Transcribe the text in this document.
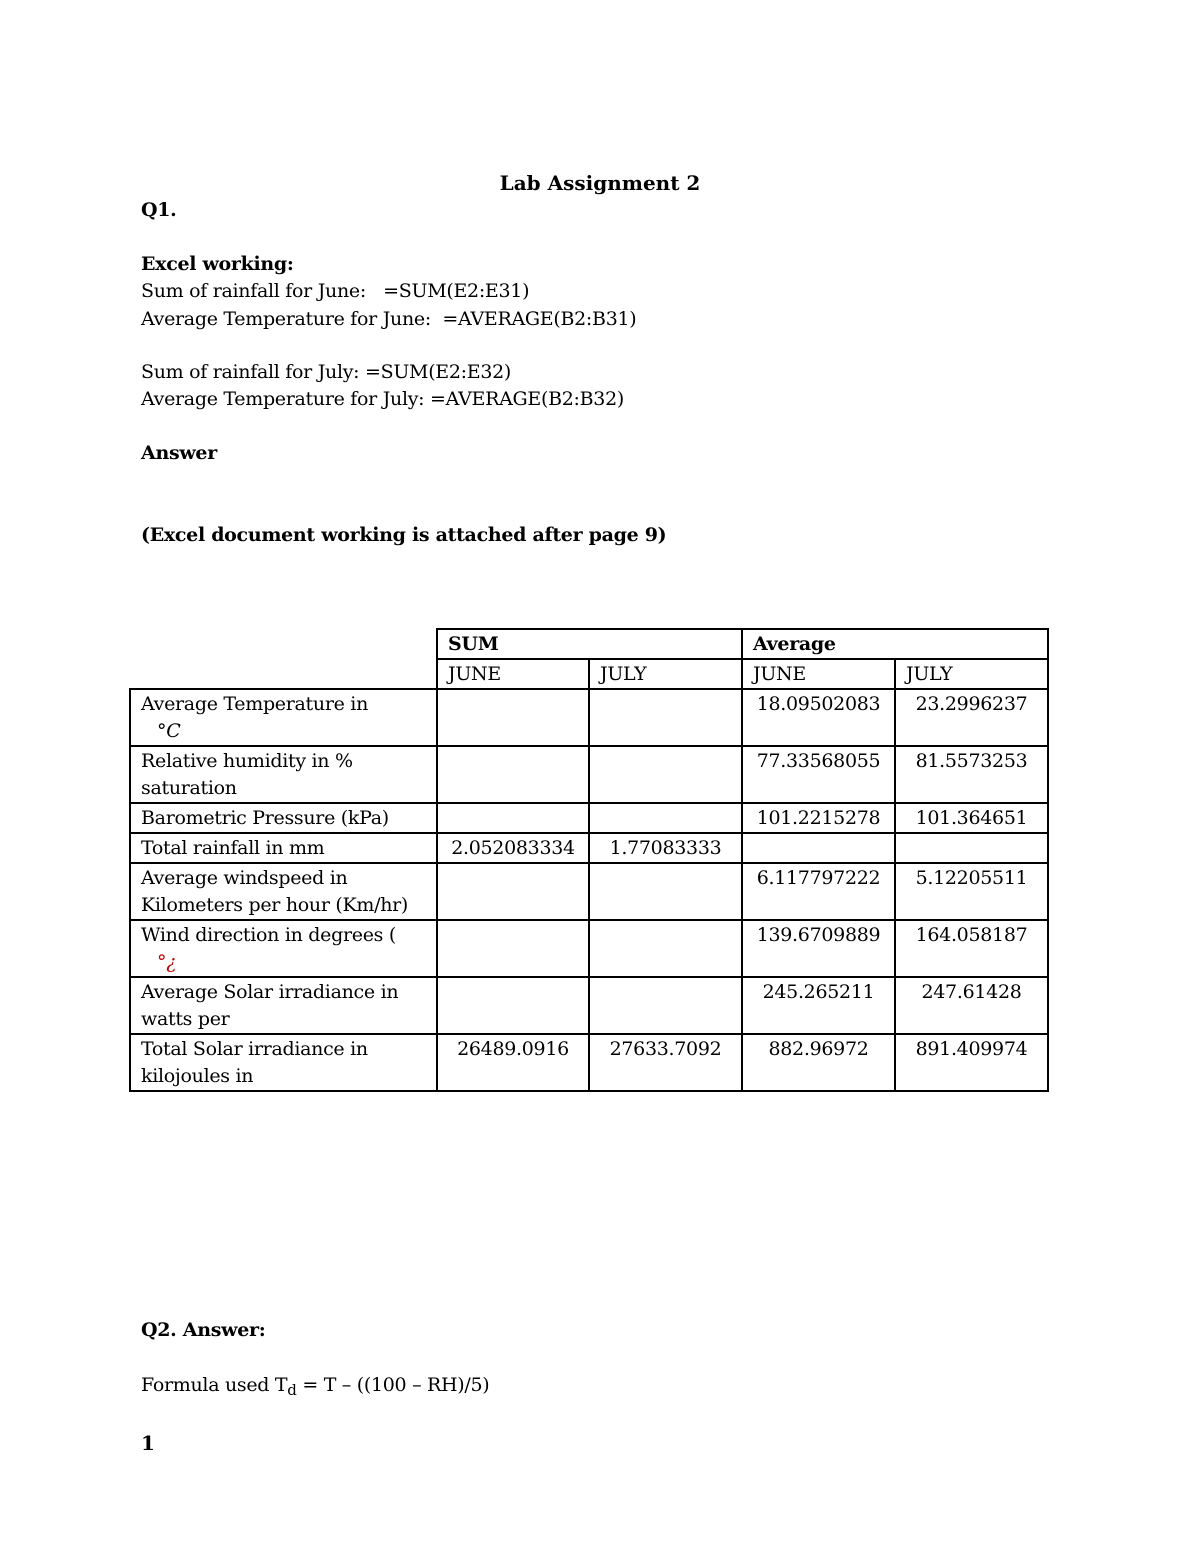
Lab Assignment 2
Q1.
Excel working:
Sum of rainfall for June:   =SUM(E2:E31)
Average Temperature for June:  =AVERAGE(B2:B31)
Sum of rainfall for July: =SUM(E2:E32)
Average Temperature for July: =AVERAGE(B2:B32)
Answer
(Excel document working is attached after page 9)
	SUM		Average	
	JUNE	JULY	JUNE	JULY

Average Temperature in
°C			18.09502083	23.2996237

Relative humidity in %
saturation			77.33568055	81.5573253

Barometric Pressure (kPa)			101.2215278	101.364651

Total rainfall in mm	2.052083334	1.77083333		

Average windspeed in
Kilometers per hour (Km/hr)			6.117797222	5.12205511

Wind direction in degrees (
°¿			139.6709889	164.058187

Average Solar irradiance in
watts per			245.265211	247.61428

Total Solar irradiance in
kilojoules in	26489.0916	27633.7092	882.96972	891.409974
Q2. Answer:
Formula used $T_d = T - ((100 - RH)/5)$
1
